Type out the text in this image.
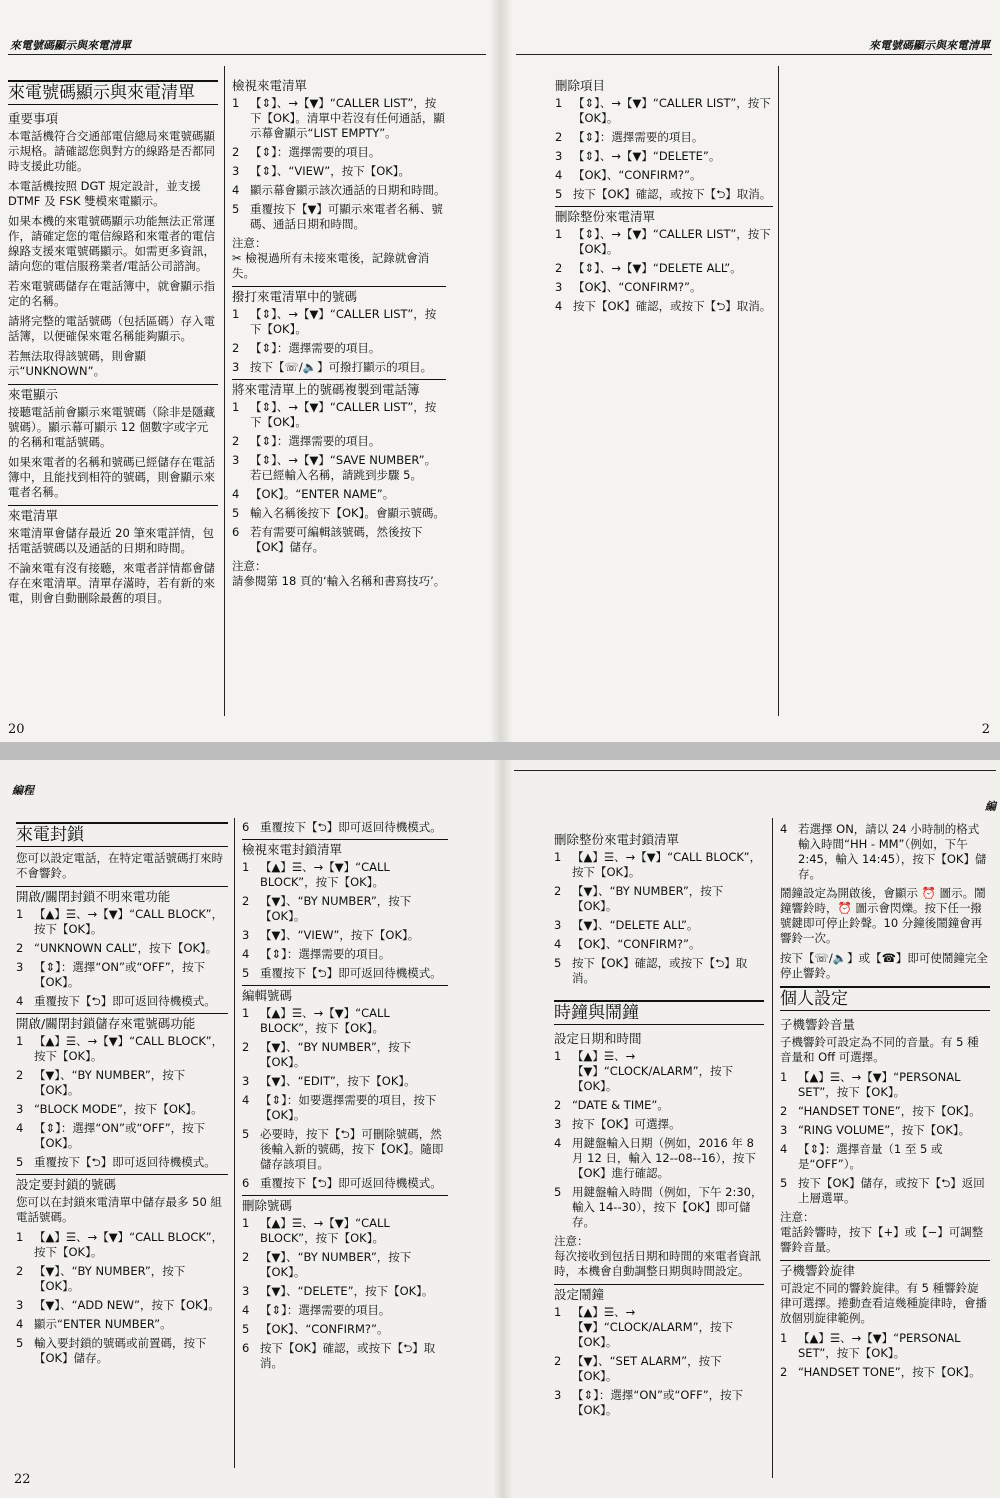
來電號碼顯示與來電清單	來電號碼顯示與來電清單
來電號碼顯示與來電清單
重要事項

本電話機符合交通部電信總局來電號碼顯示規格。請確認您與對方的線路是否都同時支援此功能。

本電話機按照 DGT 規定設計，並支援 DTMF 及 FSK 雙模來電顯示。

如果本機的來電號碼顯示功能無法正常運作，請確定您的電信線路和來電者的電信線路支援來電號碼顯示。如需更多資訊，請向您的電信服務業者/電話公司諮詢。

若來電號碼儲存在電話簿中，就會顯示指定的名稱。

請將完整的電話號碼（包括區碼）存入電話簿，以便確保來電名稱能夠顯示。

若無法取得該號碼，則會顯示“UNKNOWN”。

來電顯示

接聽電話前會顯示來電號碼（除非是隱藏號碼）。顯示幕可顯示 12 個數字或字元的名稱和電話號碼。

如果來電者的名稱和號碼已經儲存在電話簿中，且能找到相符的號碼，則會顯示來電者名稱。

來電清單

來電清單會儲存最近 20 筆來電詳情，包括電話號碼以及通話的日期和時間。

不論來電有沒有接聽，來電者詳情都會儲存在來電清單。清單存滿時，若有新的來電，則會自動刪除最舊的項目。

檢視來電清單
1 【⇕】、→【▼】“CALLER LIST”，按下【OK】。清單中若沒有任何通話，顯示幕會顯示“LIST EMPTY”。
2 【⇕】：選擇需要的項目。
3 【⇕】、“VIEW”，按下【OK】。
4 顯示幕會顯示該次通話的日期和時間。
5 重覆按下【▼】可顯示來電者名稱、號碼、通話日期和時間。
注意：

✂ 檢視過所有未接來電後，記錄就會消失。

撥打來電清單中的號碼
1 【⇕】、→【▼】“CALLER LIST”，按下【OK】。
2 【⇕】：選擇需要的項目。
3 按下【☏/🔈】可撥打顯示的項目。
將來電清單上的號碼複製到電話簿
1 【⇕】、→【▼】“CALLER LIST”，按下【OK】。
2 【⇕】：選擇需要的項目。
3 【⇕】、→【▼】“SAVE NUMBER”。若已經輸入名稱，請跳到步驟 5。
4 【OK】。“ENTER NAME”。
5 輸入名稱後按下【OK】。會顯示號碼。
6 若有需要可編輯該號碼，然後按下【OK】儲存。
注意：

請參閱第 18 頁的‘輸入名稱和書寫技巧’。

刪除項目
1 【⇕】、→【▼】“CALLER LIST”，按下【OK】。
2 【⇕】：選擇需要的項目。
3 【⇕】、→【▼】“DELETE”。
4 【OK】、“CONFIRM?”。
5 按下【OK】確認，或按下【⮌】取消。
刪除整份來電清單
1 【⇕】、→【▼】“CALLER LIST”，按下【OK】。
2 【⇕】、→【▼】“DELETE ALL”。
3 【OK】、“CONFIRM?”。
4 按下【OK】確認，或按下【⮌】取消。
20	2
編程
編
來電封鎖

您可以設定電話，在特定電話號碼打來時不會響鈴。

開啟/關閉封鎖不明來電功能
1 【▲】☰、→【▼】“CALL BLOCK”，按下【OK】。
2 “UNKNOWN CALL”，按下【OK】。
3 【⇕】：選擇“ON”或“OFF”，按下【OK】。
4 重覆按下【⮌】即可返回待機模式。
開啟/關閉封鎖儲存來電號碼功能
1 【▲】☰、→【▼】“CALL BLOCK”，按下【OK】。
2 【▼】、“BY NUMBER”，按下【OK】。
3 “BLOCK MODE”，按下【OK】。
4 【⇕】：選擇“ON”或“OFF”，按下【OK】。
5 重覆按下【⮌】即可返回待機模式。
設定要封鎖的號碼

您可以在封鎖來電清單中儲存最多 50 組電話號碼。

1 【▲】☰、→【▼】“CALL BLOCK”，按下【OK】。
2 【▼】、“BY NUMBER”，按下【OK】。
3 【▼】、“ADD NEW”，按下【OK】。
4 顯示“ENTER NUMBER”。
5 輸入要封鎖的號碼或前置碼，按下【OK】儲存。
6 重覆按下【⮌】即可返回待機模式。
檢視來電封鎖清單
1 【▲】☰、→【▼】“CALL BLOCK”，按下【OK】。
2 【▼】、“BY NUMBER”，按下【OK】。
3 【▼】、“VIEW”，按下【OK】。
4 【⇕】：選擇需要的項目。
5 重覆按下【⮌】即可返回待機模式。
編輯號碼
1 【▲】☰、→【▼】“CALL BLOCK”，按下【OK】。
2 【▼】、“BY NUMBER”，按下【OK】。
3 【▼】、“EDIT”，按下【OK】。
4 【⇕】：如要選擇需要的項目，按下【OK】。
5 必要時，按下【⮌】可刪除號碼，然後輸入新的號碼，按下【OK】。隨即儲存該項目。
6 重覆按下【⮌】即可返回待機模式。
刪除號碼
1 【▲】☰、→【▼】“CALL BLOCK”，按下【OK】。
2 【▼】、“BY NUMBER”，按下【OK】。
3 【▼】、“DELETE”，按下【OK】。
4 【⇕】：選擇需要的項目。
5 【OK】、“CONFIRM?”。
6 按下【OK】確認，或按下【⮌】取消。
刪除整份來電封鎖清單
1 【▲】☰、→【▼】“CALL BLOCK”，按下【OK】。
2 【▼】、“BY NUMBER”，按下【OK】。
3 【▼】、“DELETE ALL”。
4 【OK】、“CONFIRM?”。
5 按下【OK】確認，或按下【⮌】取消。
時鐘與鬧鐘
設定日期和時間
1 【▲】☰、→【▼】“CLOCK/ALARM”，按下【OK】。
2 “DATE & TIME”。
3 按下【OK】可選擇。
4 用鍵盤輸入日期（例如，2016 年 8 月 12 日，輸入 12--08--16），按下【OK】進行確認。
5 用鍵盤輸入時間（例如，下午 2:30，輸入 14--30），按下【OK】即可儲存。
注意：

每次接收到包括日期和時間的來電者資訊時，本機會自動調整日期與時間設定。

設定鬧鐘
1 【▲】☰、→【▼】“CLOCK/ALARM”，按下【OK】。
2 【▼】、“SET ALARM”，按下【OK】。
3 【⇕】：選擇“ON”或“OFF”，按下【OK】。
4 若選擇 ON，請以 24 小時制的格式輸入時間“HH - MM”（例如，下午 2:45，輸入 14:45），按下【OK】儲存。

鬧鐘設定為開啟後，會顯示 ⏰ 圖示。鬧鐘響鈴時，⏰ 圖示會閃爍。按下任一撥號鍵即可停止鈴聲。10 分鐘後鬧鐘會再響鈴一次。

按下【☏/🔈】或【☎】即可使鬧鐘完全停止響鈴。

個人設定
子機響鈴音量

子機響鈴可設定為不同的音量。有 5 種音量和 Off 可選擇。

1 【▲】☰、→【▼】“PERSONAL SET”，按下【OK】。
2 “HANDSET TONE”，按下【OK】。
3 “RING VOLUME”，按下【OK】。
4 【⇕】：選擇音量（1 至 5 或是“OFF”）。
5 按下【OK】儲存，或按下【⮌】返回上層選單。
注意：

電話鈴響時，按下【+】或【−】可調整響鈴音量。

子機響鈴旋律

可設定不同的響鈴旋律。有 5 種響鈴旋律可選擇。捲動查看這幾種旋律時，會播放個別旋律範例。

1 【▲】☰、→【▼】“PERSONAL SET”，按下【OK】。
2 “HANDSET TONE”，按下【OK】。
22
